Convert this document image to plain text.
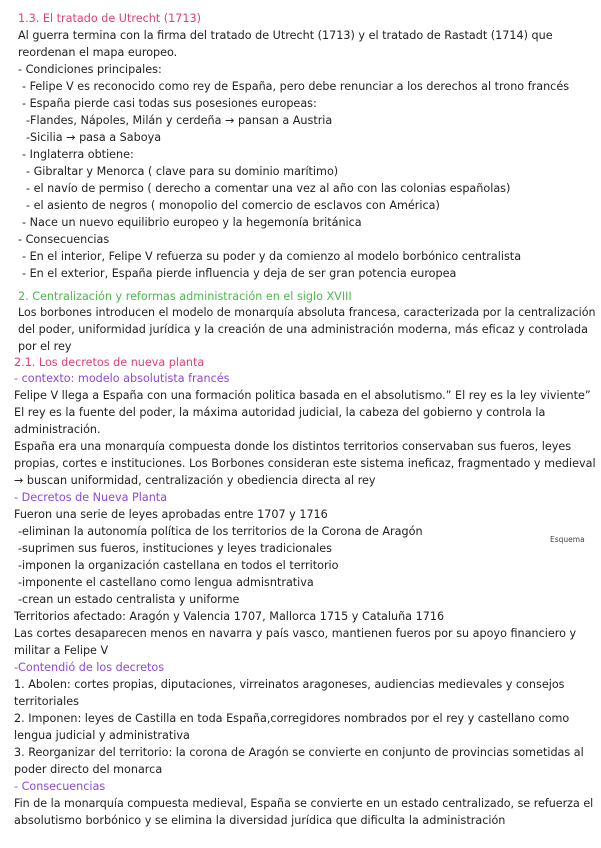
1.3. El tratado de Utrecht (1713)
Al guerra termina con la firma del tratado de Utrecht (1713) y el tratado de Rastadt (1714) que
reordenan el mapa europeo.
- Condiciones principales:
- Felipe V es reconocido como rey de España, pero debe renunciar a los derechos al trono francés
- España pierde casi todas sus posesiones europeas:
-Flandes, Nápoles, Milán y cerdeña → pansan a Austria
-Sicilia → pasa a Saboya
- Inglaterra obtiene:
- Gibraltar y Menorca ( clave para su dominio marítimo)
- el navío de permiso ( derecho a comentar una vez al año con las colonias españolas)
- el asiento de negros ( monopolio del comercio de esclavos con América)
- Nace un nuevo equilibrio europeo y la hegemonía británica
- Consecuencias
- En el interior, Felipe V refuerza su poder y da comienzo al modelo borbónico centralista
- En el exterior, España pierde influencia y deja de ser gran potencia europea
2. Centralización y reformas administración en el siglo XVIII
Los borbones introducen el modelo de monarquía absoluta francesa, caracterizada por la centralización
del poder, uniformidad jurídica y la creación de una administración moderna, más eficaz y controlada
por el rey
2.1. Los decretos de nueva planta
- contexto: modelo absolutista francés
Felipe V llega a España con una formación politica basada en el absolutismo.” El rey es la ley viviente”
El rey es la fuente del poder, la máxima autoridad judicial, la cabeza del gobierno y controla la
administración.
España era una monarquía compuesta donde los distintos territorios conservaban sus fueros, leyes
propias, cortes e instituciones. Los Borbones consideran este sistema ineficaz, fragmentado y medieval
→ buscan uniformidad, centralización y obediencia directa al rey
- Decretos de Nueva Planta
Fueron una serie de leyes aprobadas entre 1707 y 1716
-eliminan la autonomía política de los territorios de la Corona de Aragón
-suprimen sus fueros, instituciones y leyes tradicionales
-imponen la organización castellana en todos el territorio
-imponente el castellano como lengua admisntrativa
-crean un estado centralista y uniforme
Territorios afectado: Aragón y Valencia 1707, Mallorca 1715 y Cataluña 1716
Las cortes desaparecen menos en navarra y país vasco, mantienen fueros por su apoyo financiero y
militar a Felipe V
-Contendió de los decretos
1. Abolen: cortes propias, diputaciones, virreinatos aragoneses, audiencias medievales y consejos
territoriales
2. Imponen: leyes de Castilla en toda España,corregidores nombrados por el rey y castellano como
lengua judicial y administrativa
3. Reorganizar del territorio: la corona de Aragón se convierte en conjunto de provincias sometidas al
poder directo del monarca
- Consecuencias
Fin de la monarquía compuesta medieval, España se convierte en un estado centralizado, se refuerza el
absolutismo borbónico y se elimina la diversidad jurídica que dificulta la administración
Esquema
